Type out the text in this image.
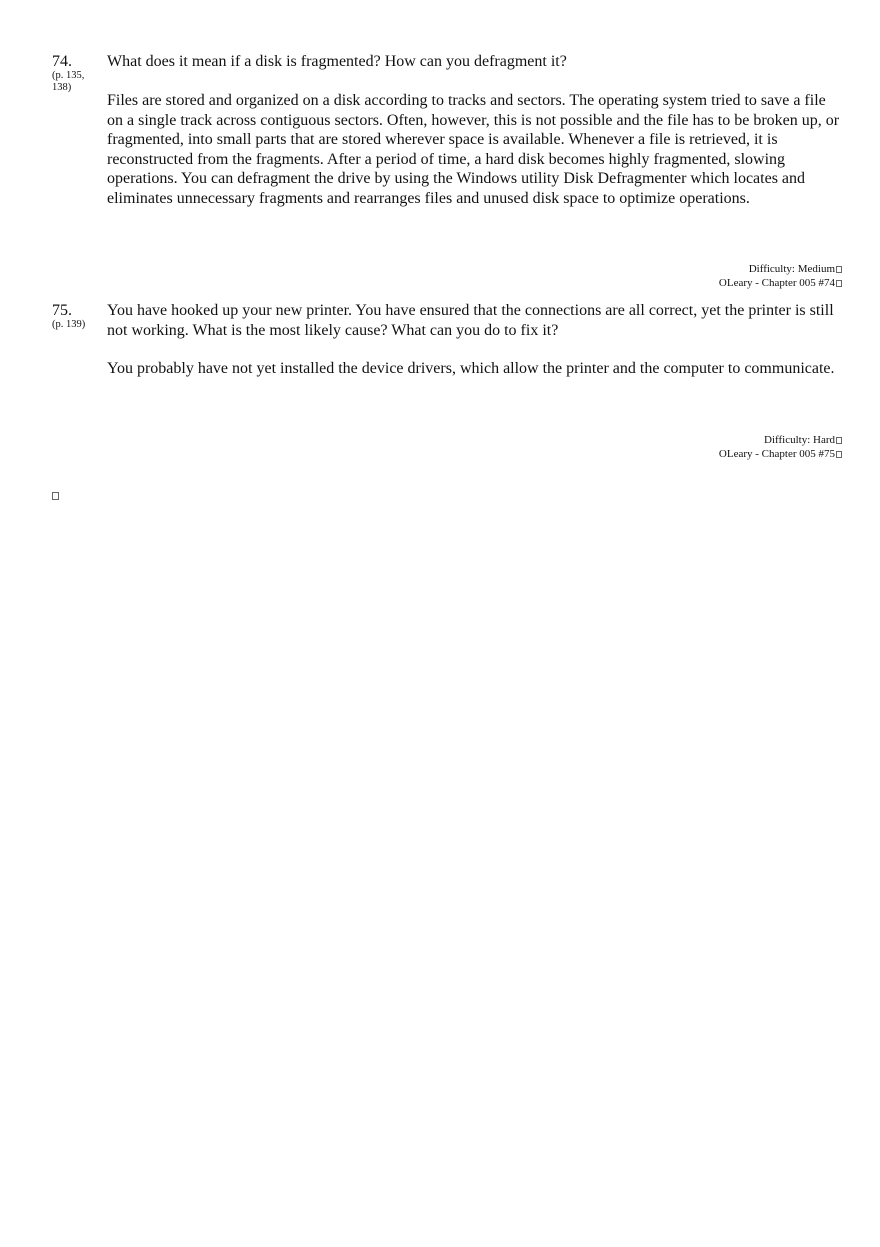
74.
(p. 135, 138)
What does it mean if a disk is fragmented? How can you defragment it?
Files are stored and organized on a disk according to tracks and sectors. The operating system tried to save a file on a single track across contiguous sectors. Often, however, this is not possible and the file has to be broken up, or fragmented, into small parts that are stored wherever space is available. Whenever a file is retrieved, it is reconstructed from the fragments. After a period of time, a hard disk becomes highly fragmented, slowing operations. You can defragment the drive by using the Windows utility Disk Defragmenter which locates and eliminates unnecessary fragments and rearranges files and unused disk space to optimize operations.
Difficulty: Medium
OLeary - Chapter 005 #74
75.
(p. 139)
You have hooked up your new printer. You have ensured that the connections are all correct, yet the printer is still not working. What is the most likely cause? What can you do to fix it?
You probably have not yet installed the device drivers, which allow the printer and the computer to communicate.
Difficulty: Hard
OLeary - Chapter 005 #75
